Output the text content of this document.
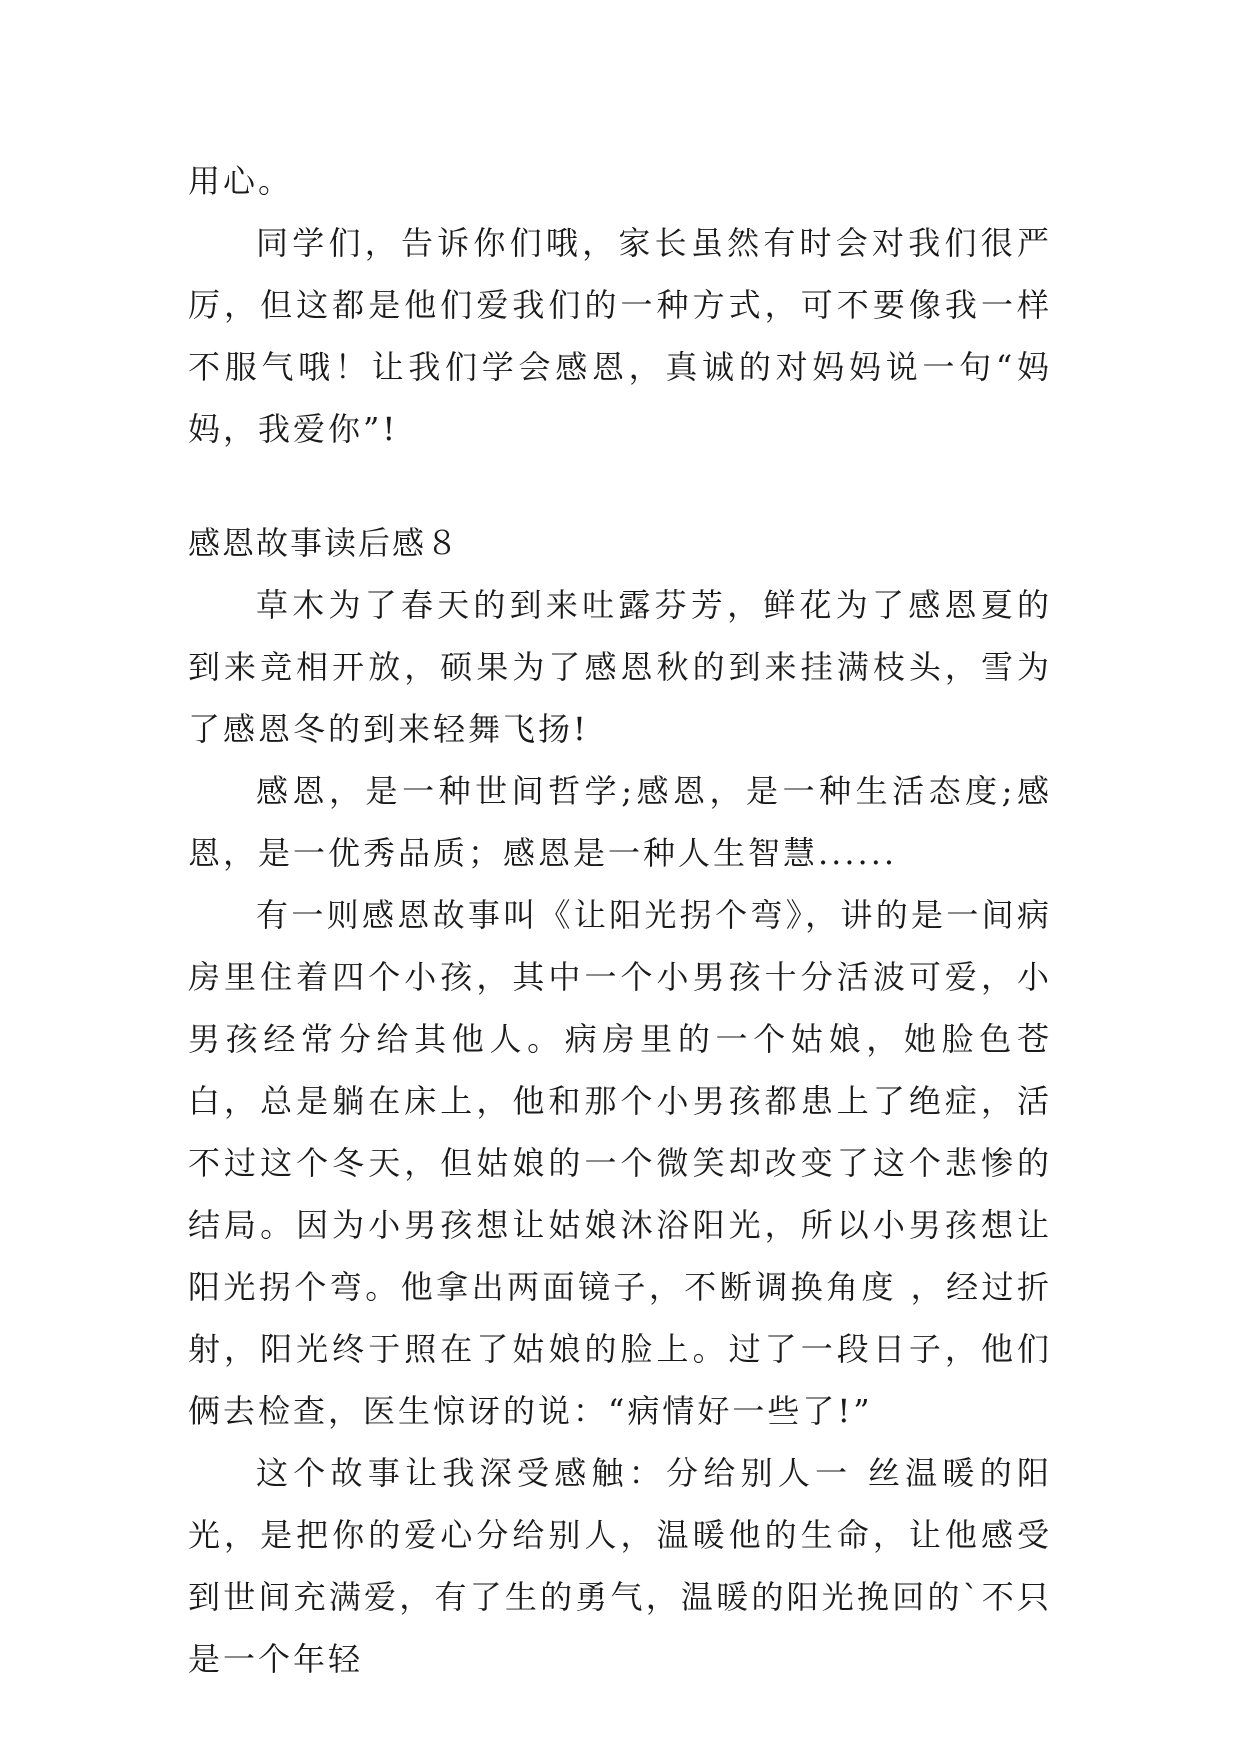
用心。

同学们，告诉你们哦，家长虽然有时会对我们很严厉，但这都是他们爱我们的一种方式，可不要像我一样不服气哦！让我们学会感恩，真诚的对妈妈说一句“妈妈，我爱你”!

感恩故事读后感８

草木为了春天的到来吐露芬芳，鲜花为了感恩夏的到来竞相开放，硕果为了感恩秋的到来挂满枝头，雪为了感恩冬的到来轻舞飞扬!

感恩，是一种世间哲学;感恩，是一种生活态度;感恩，是一优秀品质；感恩是一种人生智慧......

有一则感恩故事叫《让阳光拐个弯》，讲的是一间病房里住着四个小孩，其中一个小男孩十分活波可爱，小男孩经常分给其他人。病房里的一个姑娘，她脸色苍白，总是躺在床上，他和那个小男孩都患上了绝症，活不过这个冬天，但姑娘的一个微笑却改变了这个悲惨的结局。因为小男孩想让姑娘沐浴阳光，所以小男孩想让阳光拐个弯。他拿出两面镜子，不断调换角度 ，经过折射，阳光终于照在了姑娘的脸上。过了一段日子，他们俩去检查，医生惊讶的说：“病情好一些了!”

这个故事让我深受感触：分给别人一 丝温暖的阳光，是把你的爱心分给别人，温暖他的生命，让他感受到世间充满爱，有了生的勇气，温暖的阳光挽回的`不只是一个年轻
